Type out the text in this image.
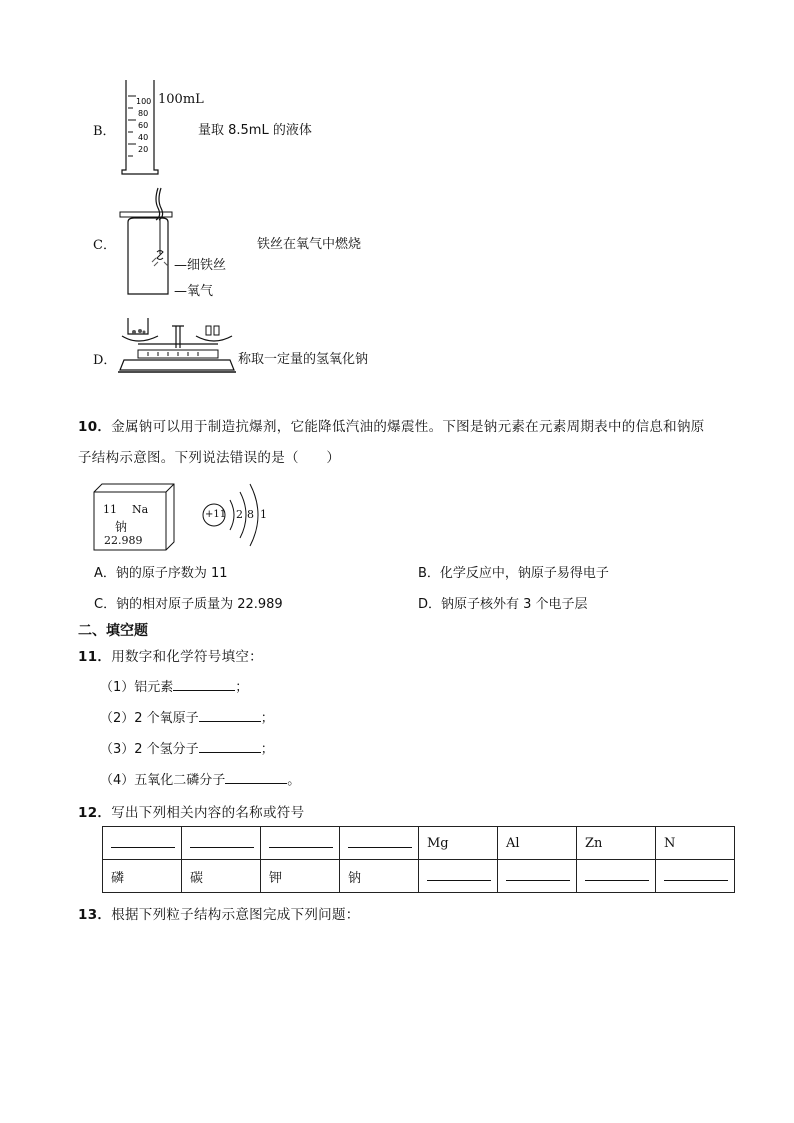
B．
100
80
60
40
20
100mL
量取 8.5mL 的液体
C．	铁丝在氧气中燃烧
—细铁丝
—氧气
D．	称取一定量的氢氧化钠
10．金属钠可以用于制造抗爆剂，它能降低汽油的爆震性。下图是钠元素在元素周期表中的信息和钠原
子结构示意图。下列说法错误的是（　　）
11 Na
钠
22.989
+11 2 8 1
A．钠的原子序数为 11	B．化学反应中，钠原子易得电子
C．钠的相对原子质量为 22.989	D．钠原子核外有 3 个电子层
二、填空题
11．用数字和化学符号填空：
（1）铝元素	；
（2）2 个氧原子	；
（3）2 个氢分子	；
（4）五氧化二磷分子	。
12．写出下列相关内容的名称或符号
				Mg	Al	Zn	N
磷	碳	钾	钠				
13．根据下列粒子结构示意图完成下列问题：
